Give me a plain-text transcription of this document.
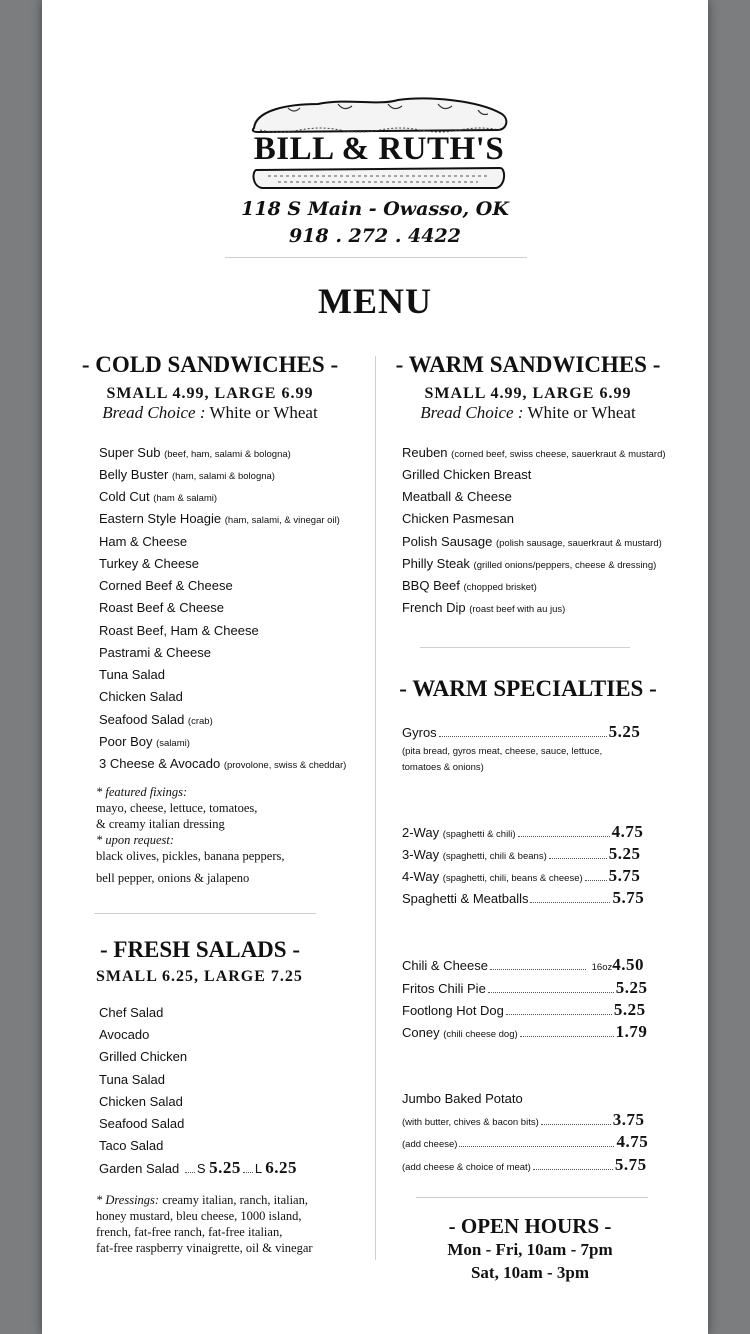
BILL & RUTH'S
118 S Main - Owasso, OK
918 . 272 . 4422
MENU
- COLD SANDWICHES -
SMALL 4.99, LARGE 6.99
Bread Choice : White or Wheat
Super Sub (beef, ham, salami & bologna)
Belly Buster (ham, salami & bologna)
Cold Cut (ham & salami)
Eastern Style Hoagie (ham, salami, & vinegar oil)
Ham & Cheese
Turkey & Cheese
Corned Beef & Cheese
Roast Beef & Cheese
Roast Beef, Ham & Cheese
Pastrami & Cheese
Tuna Salad
Chicken Salad
Seafood Salad (crab)
Poor Boy (salami)
3 Cheese & Avocado (provolone, swiss & cheddar)
* featured fixings:
mayo, cheese, lettuce, tomatoes,
& creamy italian dressing
* upon request:
black olives, pickles, banana peppers,
bell pepper, onions & jalapeno
- FRESH SALADS -
SMALL 6.25, LARGE 7.25
Chef Salad
Avocado
Grilled Chicken
Tuna Salad
Chicken Salad
Seafood Salad
Taco Salad
Garden Salad S 5.25 L 6.25
* Dressings: creamy italian, ranch, italian,
honey mustard, bleu cheese, 1000 island,
french, fat-free ranch, fat-free italian,
fat-free raspberry vinaigrette, oil & vinegar
- WARM SANDWICHES -
SMALL 4.99, LARGE 6.99
Bread Choice : White or Wheat
Reuben (corned beef, swiss cheese, sauerkraut & mustard)
Grilled Chicken Breast
Meatball & Cheese
Chicken Pasmesan
Polish Sausage (polish sausage, sauerkraut & mustard)
Philly Steak (grilled onions/peppers, cheese & dressing)
BBQ Beef (chopped brisket)
French Dip (roast beef with au jus)
- WARM SPECIALTIES -
Gyros	5.25
(pita bread, gyros meat, cheese, sauce, lettuce,
tomatoes & onions)
2-Way (spaghetti & chili)	4.75
3-Way (spaghetti, chili & beans)	5.25
4-Way (spaghetti, chili, beans & cheese) 5.75
Spaghetti & Meatballs	5.75
Chili & Cheese	16oz4.50
Fritos Chili Pie	5.25
Footlong Hot Dog	5.25
Coney (chili cheese dog)	1.79
Jumbo Baked Potato
(with butter, chives & bacon bits)	3.75
(add cheese)	4.75
(add cheese & choice of meat)	5.75
- OPEN HOURS -
Mon - Fri, 10am - 7pm
Sat, 10am - 3pm
